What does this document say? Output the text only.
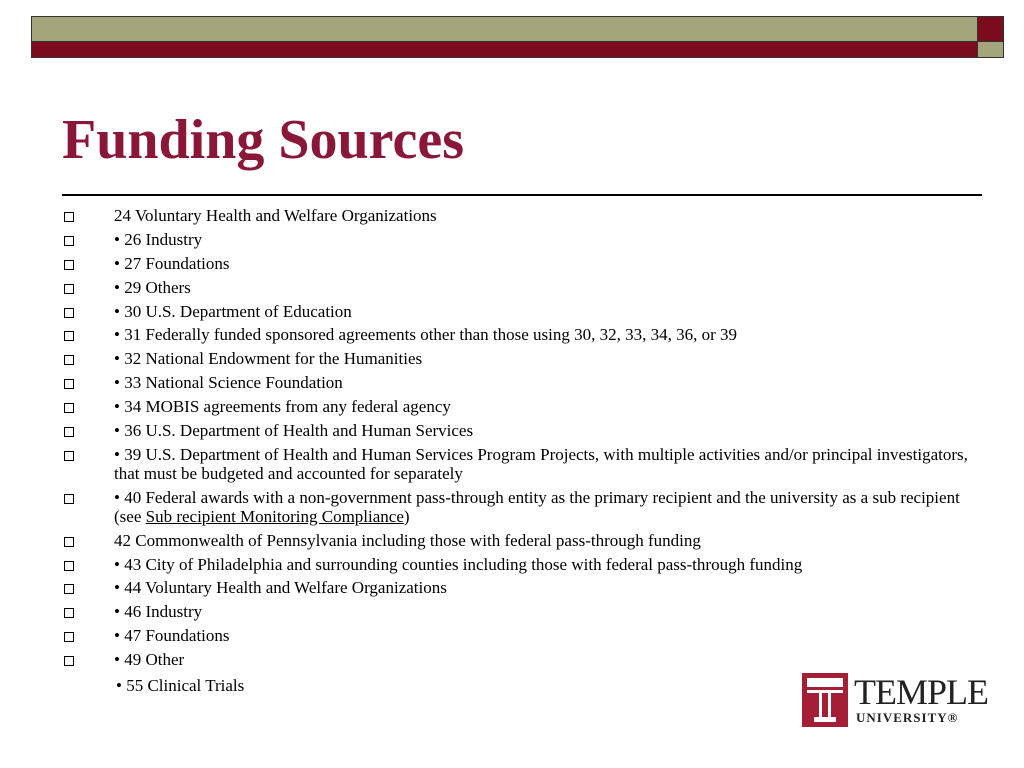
Funding Sources
24 Voluntary Health and Welfare Organizations
• 26 Industry
• 27 Foundations
• 29 Others
• 30 U.S. Department of Education
• 31 Federally funded sponsored agreements other than those using 30, 32, 33, 34, 36, or 39
• 32 National Endowment for the Humanities
• 33 National Science Foundation
• 34 MOBIS agreements from any federal agency
• 36 U.S. Department of Health and Human Services
• 39 U.S. Department of Health and Human Services Program Projects, with multiple activities and/or principal investigators, that must be budgeted and accounted for separately
• 40 Federal awards with a non-government pass-through entity as the primary recipient and the university as a sub recipient (see Sub recipient Monitoring Compliance)
42 Commonwealth of Pennsylvania including those with federal pass-through funding
• 43 City of Philadelphia and surrounding counties including those with federal pass-through funding
• 44 Voluntary Health and Welfare Organizations
• 46 Industry
• 47 Foundations
• 49 Other
• 55 Clinical Trials	TEMPLE
UNIVERSITY®
